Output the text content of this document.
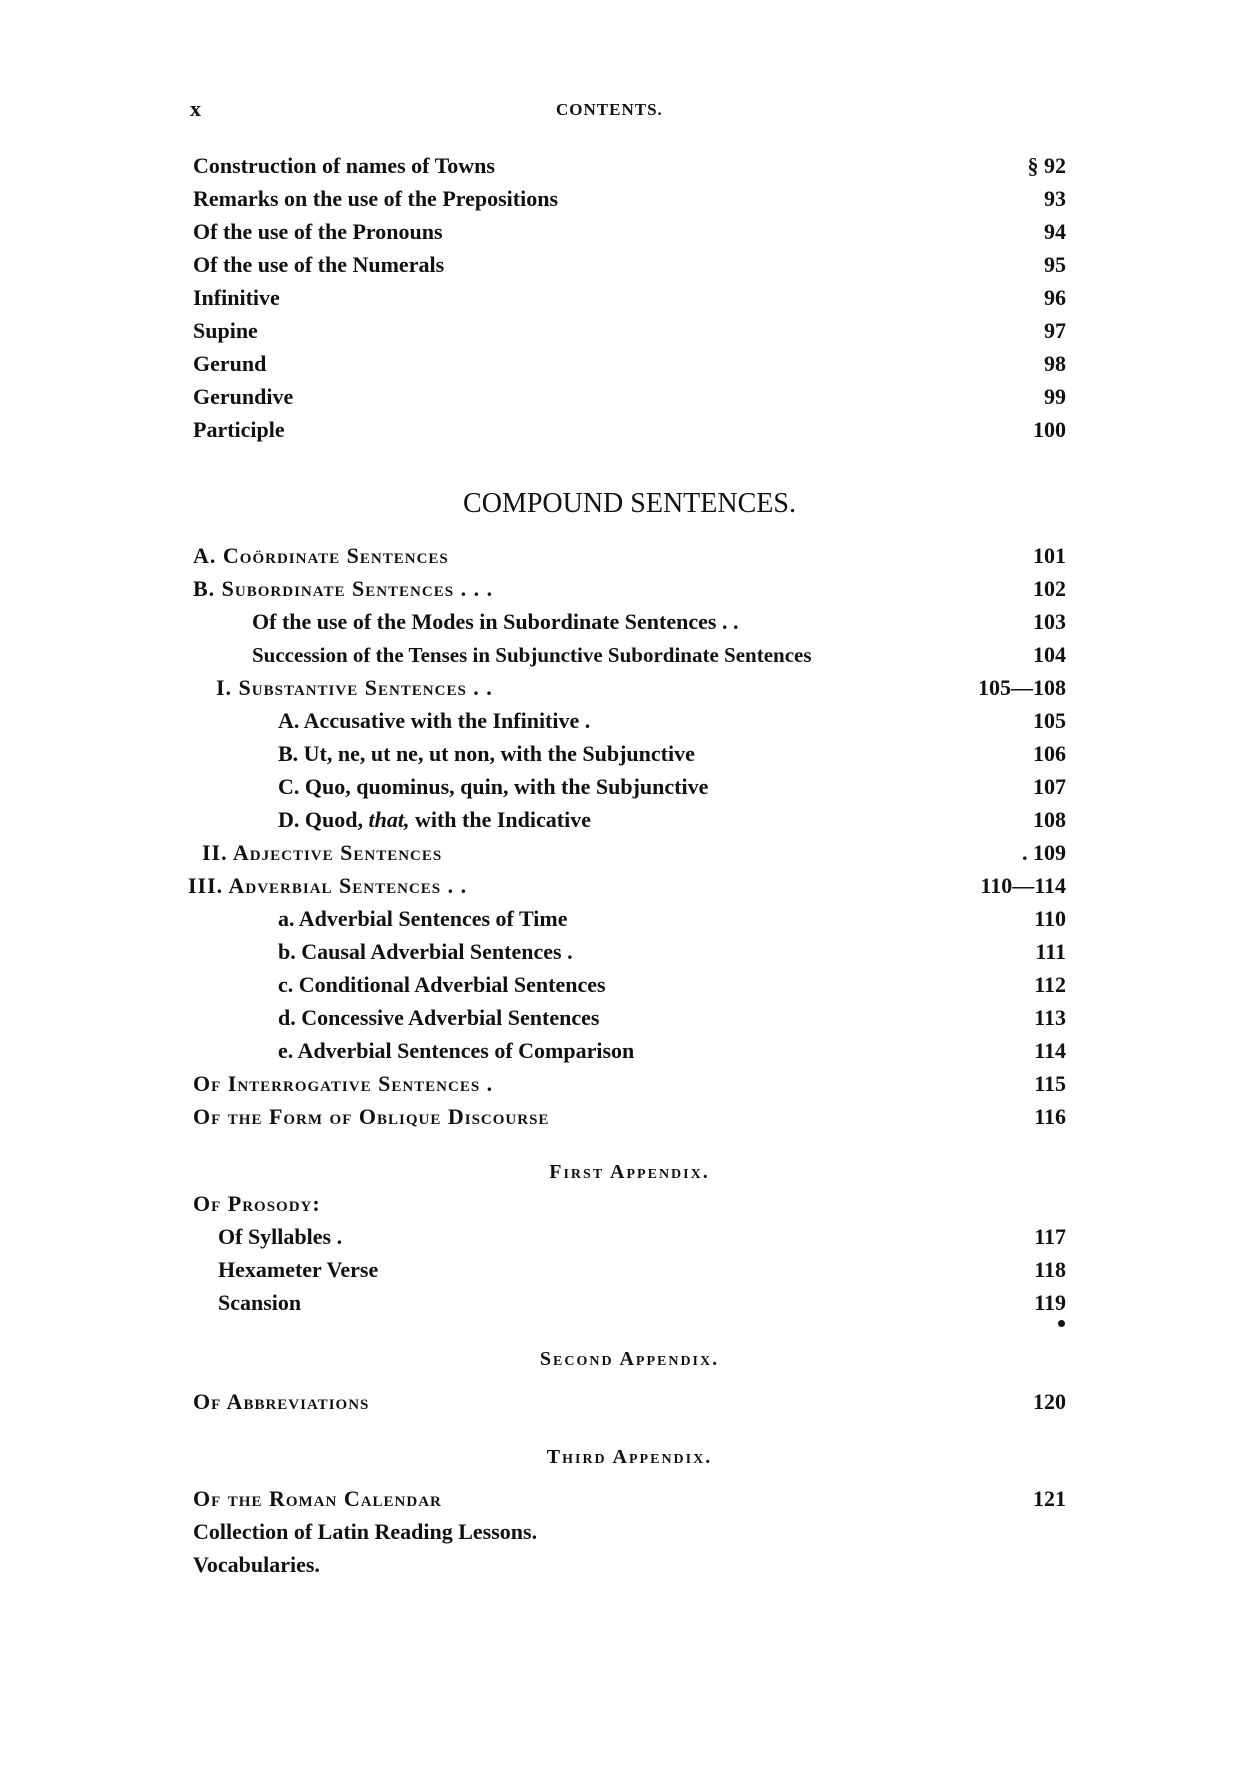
x	CONTENTS.
Construction of names of Towns	§ 92
Remarks on the use of the Prepositions	93
Of the use of the Pronouns	94
Of the use of the Numerals	95
Infinitive	96
Supine	97
Gerund	98
Gerundive	99
Participle	100
COMPOUND SENTENCES.
A. Coördinate Sentences	101
B. Subordinate Sentences . . .	102
Of the use of the Modes in Subordinate Sentences . .	103
Succession of the Tenses in Subjunctive Subordinate Sentences	104
I. Substantive Sentences . .	105—108
A. Accusative with the Infinitive .	105
B. Ut, ne, ut ne, ut non, with the Subjunctive	106
C. Quo, quominus, quin, with the Subjunctive	107
D. Quod, that, with the Indicative	108
II. Adjective Sentences	. 109
III. Adverbial Sentences . .	110—114
a. Adverbial Sentences of Time	110
b. Causal Adverbial Sentences .	111
c. Conditional Adverbial Sentences	112
d. Concessive Adverbial Sentences	113
e. Adverbial Sentences of Comparison	114
Of Interrogative Sentences .	115
Of the Form of Oblique Discourse	116
First Appendix.
Of Prosody:
Of Syllables .	117
Hexameter Verse	118
Scansion	119
Second Appendix.
Of Abbreviations	120
Third Appendix.
Of the Roman Calendar	121
Collection of Latin Reading Lessons.
Vocabularies.
